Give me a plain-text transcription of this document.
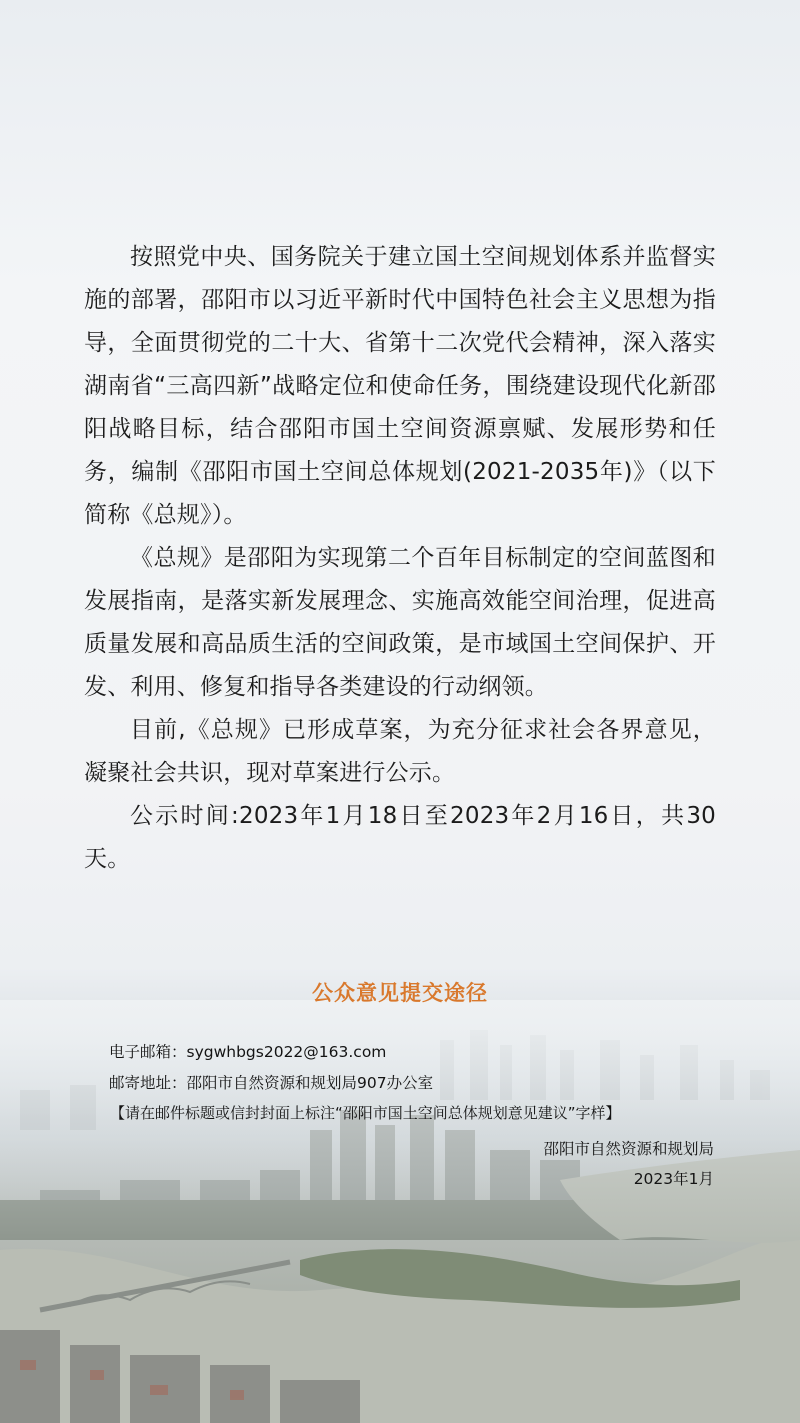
按照党中央、国务院关于建立国土空间规划体系并监督实施的部署，邵阳市以习近平新时代中国特色社会主义思想为指导，全面贯彻党的二十大、省第十二次党代会精神，深入落实湖南省“三高四新”战略定位和使命任务，围绕建设现代化新邵阳战略目标，结合邵阳市国土空间资源禀赋、发展形势和任务，编制《邵阳市国土空间总体规划(2021-2035年)》（以下简称《总规》）。

《总规》是邵阳为实现第二个百年目标制定的空间蓝图和发展指南，是落实新发展理念、实施高效能空间治理，促进高质量发展和高品质生活的空间政策，是市域国土空间保护、开发、利用、修复和指导各类建设的行动纲领。

目前,《总规》已形成草案，为充分征求社会各界意见，凝聚社会共识，现对草案进行公示。

公示时间:2023年1月18日至2023年2月16日，共30天。

公众意见提交途径
电子邮箱：sygwhbgs2022@163.com
邮寄地址：邵阳市自然资源和规划局907办公室
【请在邮件标题或信封封面上标注“邵阳市国土空间总体规划意见建议”字样】
邵阳市自然资源和规划局
2023年1月
